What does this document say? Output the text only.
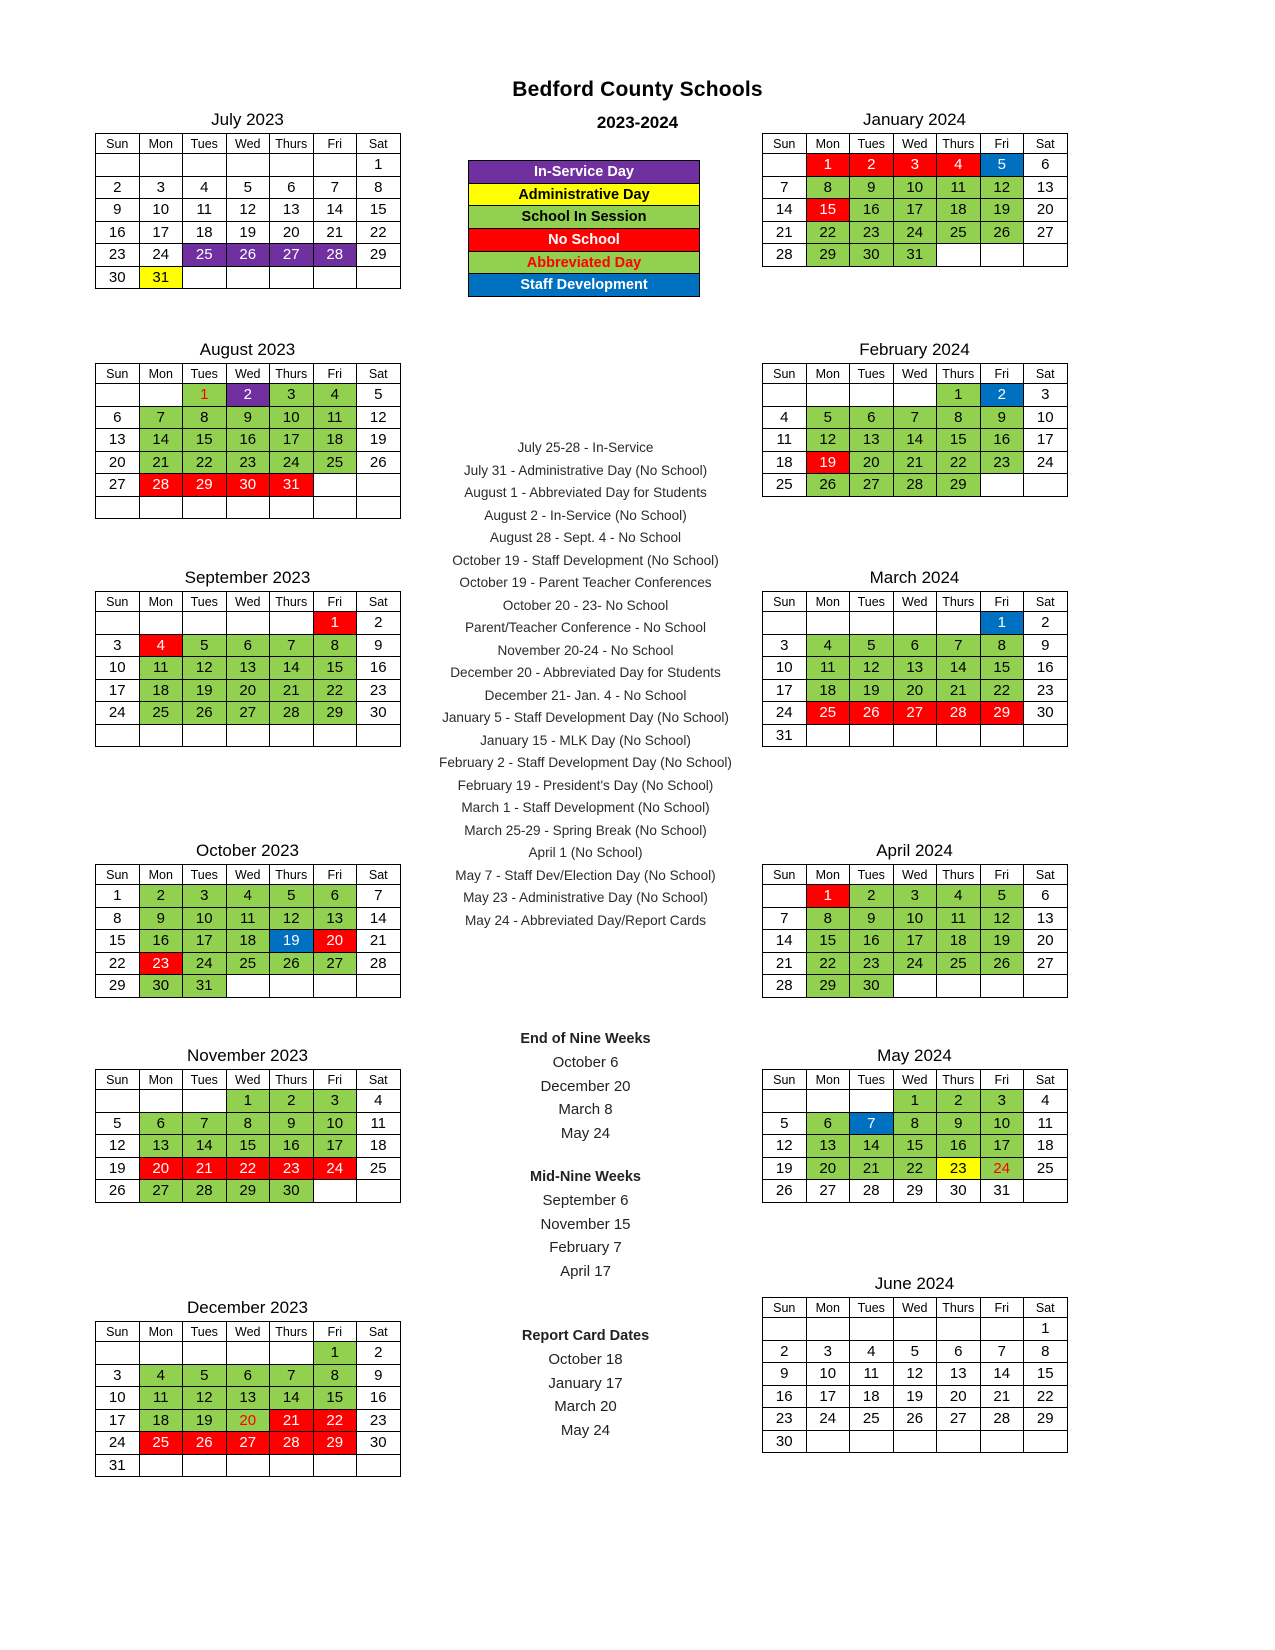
Bedford County Schools
2023-2024
In-Service Day
Administrative Day
School In Session
No School
Abbreviated Day
Staff Development
July 2023
Sun	Mon	Tues	Wed	Thurs	Fri	Sat
						1
2	3	4	5	6	7	8
9	10	11	12	13	14	15
16	17	18	19	20	21	22
23	24	25	26	27	28	29
30	31					
August 2023
Sun	Mon	Tues	Wed	Thurs	Fri	Sat
		1	2	3	4	5
6	7	8	9	10	11	12
13	14	15	16	17	18	19
20	21	22	23	24	25	26
27	28	29	30	31		

September 2023
Sun	Mon	Tues	Wed	Thurs	Fri	Sat
					1	2
3	4	5	6	7	8	9
10	11	12	13	14	15	16
17	18	19	20	21	22	23
24	25	26	27	28	29	30

October 2023
Sun	Mon	Tues	Wed	Thurs	Fri	Sat
1	2	3	4	5	6	7
8	9	10	11	12	13	14
15	16	17	18	19	20	21
22	23	24	25	26	27	28
29	30	31				
November 2023
Sun	Mon	Tues	Wed	Thurs	Fri	Sat
			1	2	3	4
5	6	7	8	9	10	11
12	13	14	15	16	17	18
19	20	21	22	23	24	25
26	27	28	29	30		
December 2023
Sun	Mon	Tues	Wed	Thurs	Fri	Sat
					1	2
3	4	5	6	7	8	9
10	11	12	13	14	15	16
17	18	19	20	21	22	23
24	25	26	27	28	29	30
31						
January 2024
Sun	Mon	Tues	Wed	Thurs	Fri	Sat
	1	2	3	4	5	6
7	8	9	10	11	12	13
14	15	16	17	18	19	20
21	22	23	24	25	26	27
28	29	30	31			
February 2024
Sun	Mon	Tues	Wed	Thurs	Fri	Sat
				1	2	3
4	5	6	7	8	9	10
11	12	13	14	15	16	17
18	19	20	21	22	23	24
25	26	27	28	29		
March 2024
Sun	Mon	Tues	Wed	Thurs	Fri	Sat
					1	2
3	4	5	6	7	8	9
10	11	12	13	14	15	16
17	18	19	20	21	22	23
24	25	26	27	28	29	30
31						
April 2024
Sun	Mon	Tues	Wed	Thurs	Fri	Sat
	1	2	3	4	5	6
7	8	9	10	11	12	13
14	15	16	17	18	19	20
21	22	23	24	25	26	27
28	29	30				
May 2024
Sun	Mon	Tues	Wed	Thurs	Fri	Sat
			1	2	3	4
5	6	7	8	9	10	11
12	13	14	15	16	17	18
19	20	21	22	23	24	25
26	27	28	29	30	31	
June 2024
Sun	Mon	Tues	Wed	Thurs	Fri	Sat
						1
2	3	4	5	6	7	8
9	10	11	12	13	14	15
16	17	18	19	20	21	22
23	24	25	26	27	28	29
30						
July 25-28 - In-Service
July 31 - Administrative Day (No School)
August 1 - Abbreviated Day for Students
August 2 - In-Service (No School)
August 28 - Sept. 4 - No School
October 19 - Staff Development (No School)
October 19 - Parent Teacher Conferences
October 20 - 23- No School
Parent/Teacher Conference - No School
November 20-24 - No School
December 20 - Abbreviated Day for Students
December 21- Jan. 4 - No School
January 5 - Staff Development Day (No School)
January 15 - MLK Day (No School)
February 2 - Staff Development Day (No School)
February 19 - President's Day (No School)
March 1 - Staff Development (No School)
March 25-29 - Spring Break (No School)
April 1 (No School)
May 7 - Staff Dev/Election Day (No School)
May 23 - Administrative Day (No School)
May 24 - Abbreviated Day/Report Cards
End of Nine Weeks
October 6
December 20
March 8
May 24
Mid-Nine Weeks
September 6
November 15
February 7
April 17
Report Card Dates
October 18
January 17
March 20
May 24
